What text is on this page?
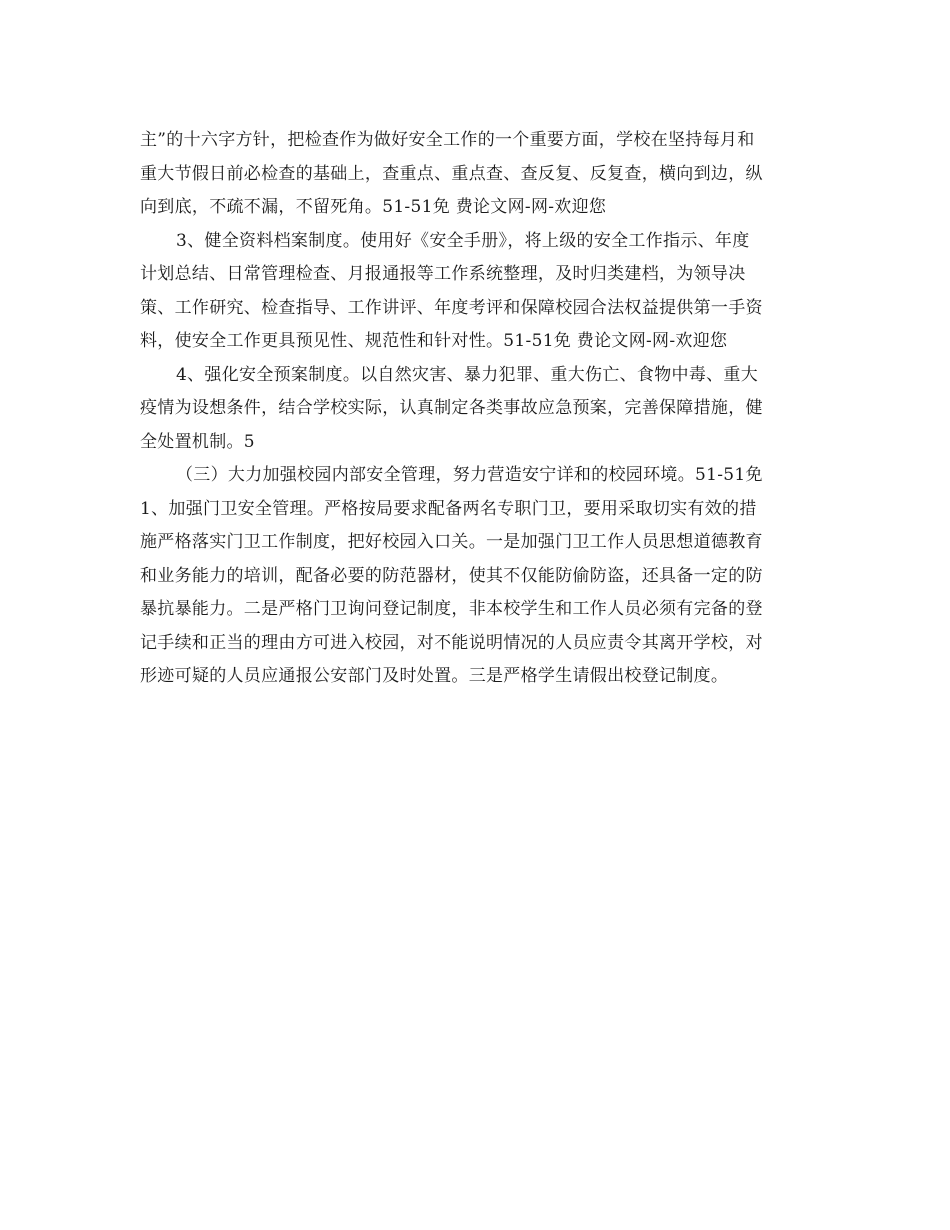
主”的十六字方针，把检查作为做好安全工作的一个重要方面，学校在坚持每月和
重大节假日前必检查的基础上，查重点、重点查、查反复、反复查，横向到边，纵
向到底，不疏不漏，不留死角。51-51免 费论文网-网-欢迎您
3、健全资料档案制度。使用好《安全手册》，将上级的安全工作指示、年度
计划总结、日常管理检查、月报通报等工作系统整理，及时归类建档，为领导决
策、工作研究、检查指导、工作讲评、年度考评和保障校园合法权益提供第一手资
料，使安全工作更具预见性、规范性和针对性。51-51免 费论文网-网-欢迎您
4、强化安全预案制度。以自然灾害、暴力犯罪、重大伤亡、食物中毒、重大
疫情为设想条件，结合学校实际，认真制定各类事故应急预案，完善保障措施，健
全处置机制。5
（三）大力加强校园内部安全管理，努力营造安宁详和的校园环境。51-51免
1、加强门卫安全管理。严格按局要求配备两名专职门卫，要用采取切实有效的措
施严格落实门卫工作制度，把好校园入口关。一是加强门卫工作人员思想道德教育
和业务能力的培训，配备必要的防范器材，使其不仅能防偷防盗，还具备一定的防
暴抗暴能力。二是严格门卫询问登记制度，非本校学生和工作人员必须有完备的登
记手续和正当的理由方可进入校园，对不能说明情况的人员应责令其离开学校，对
形迹可疑的人员应通报公安部门及时处置。三是严格学生请假出校登记制度。
